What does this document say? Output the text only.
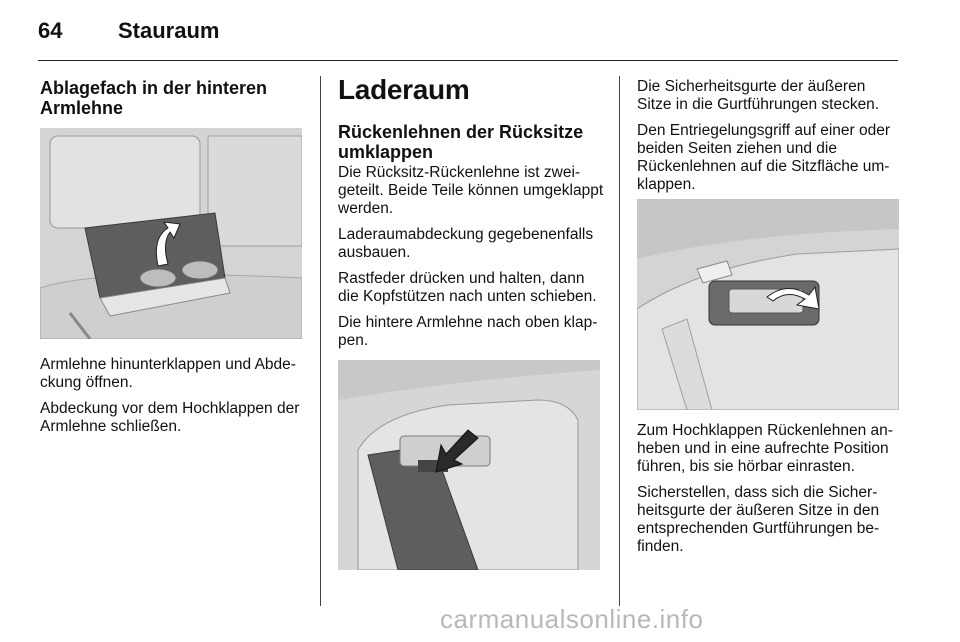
64	Stauraum
Ablagefach in der hinteren Armlehne

Armlehne hinunterklappen und Abdeckung öffnen.

Abdeckung vor dem Hochklappen der Armlehne schließen.

Laderaum
Rückenlehnen der Rücksitze umklappen

Die Rücksitz-Rückenlehne ist zweigeteilt. Beide Teile können umgeklappt werden.

Laderaumabdeckung gegebenenfalls ausbauen.

Rastfeder drücken und halten, dann die Kopfstützen nach unten schieben.

Die hintere Armlehne nach oben klappen.

Die Sicherheitsgurte der äußeren Sitze in die Gurtführungen stecken.

Den Entriegelungsgriff auf einer oder beiden Seiten ziehen und die Rückenlehnen auf die Sitzfläche umklappen.

Zum Hochklappen Rückenlehnen anheben und in eine aufrechte Position führen, bis sie hörbar einrasten.

Sicherstellen, dass sich die Sicherheitsgurte der äußeren Sitze in den entsprechenden Gurtführungen befinden.

carmanualsonline.info
